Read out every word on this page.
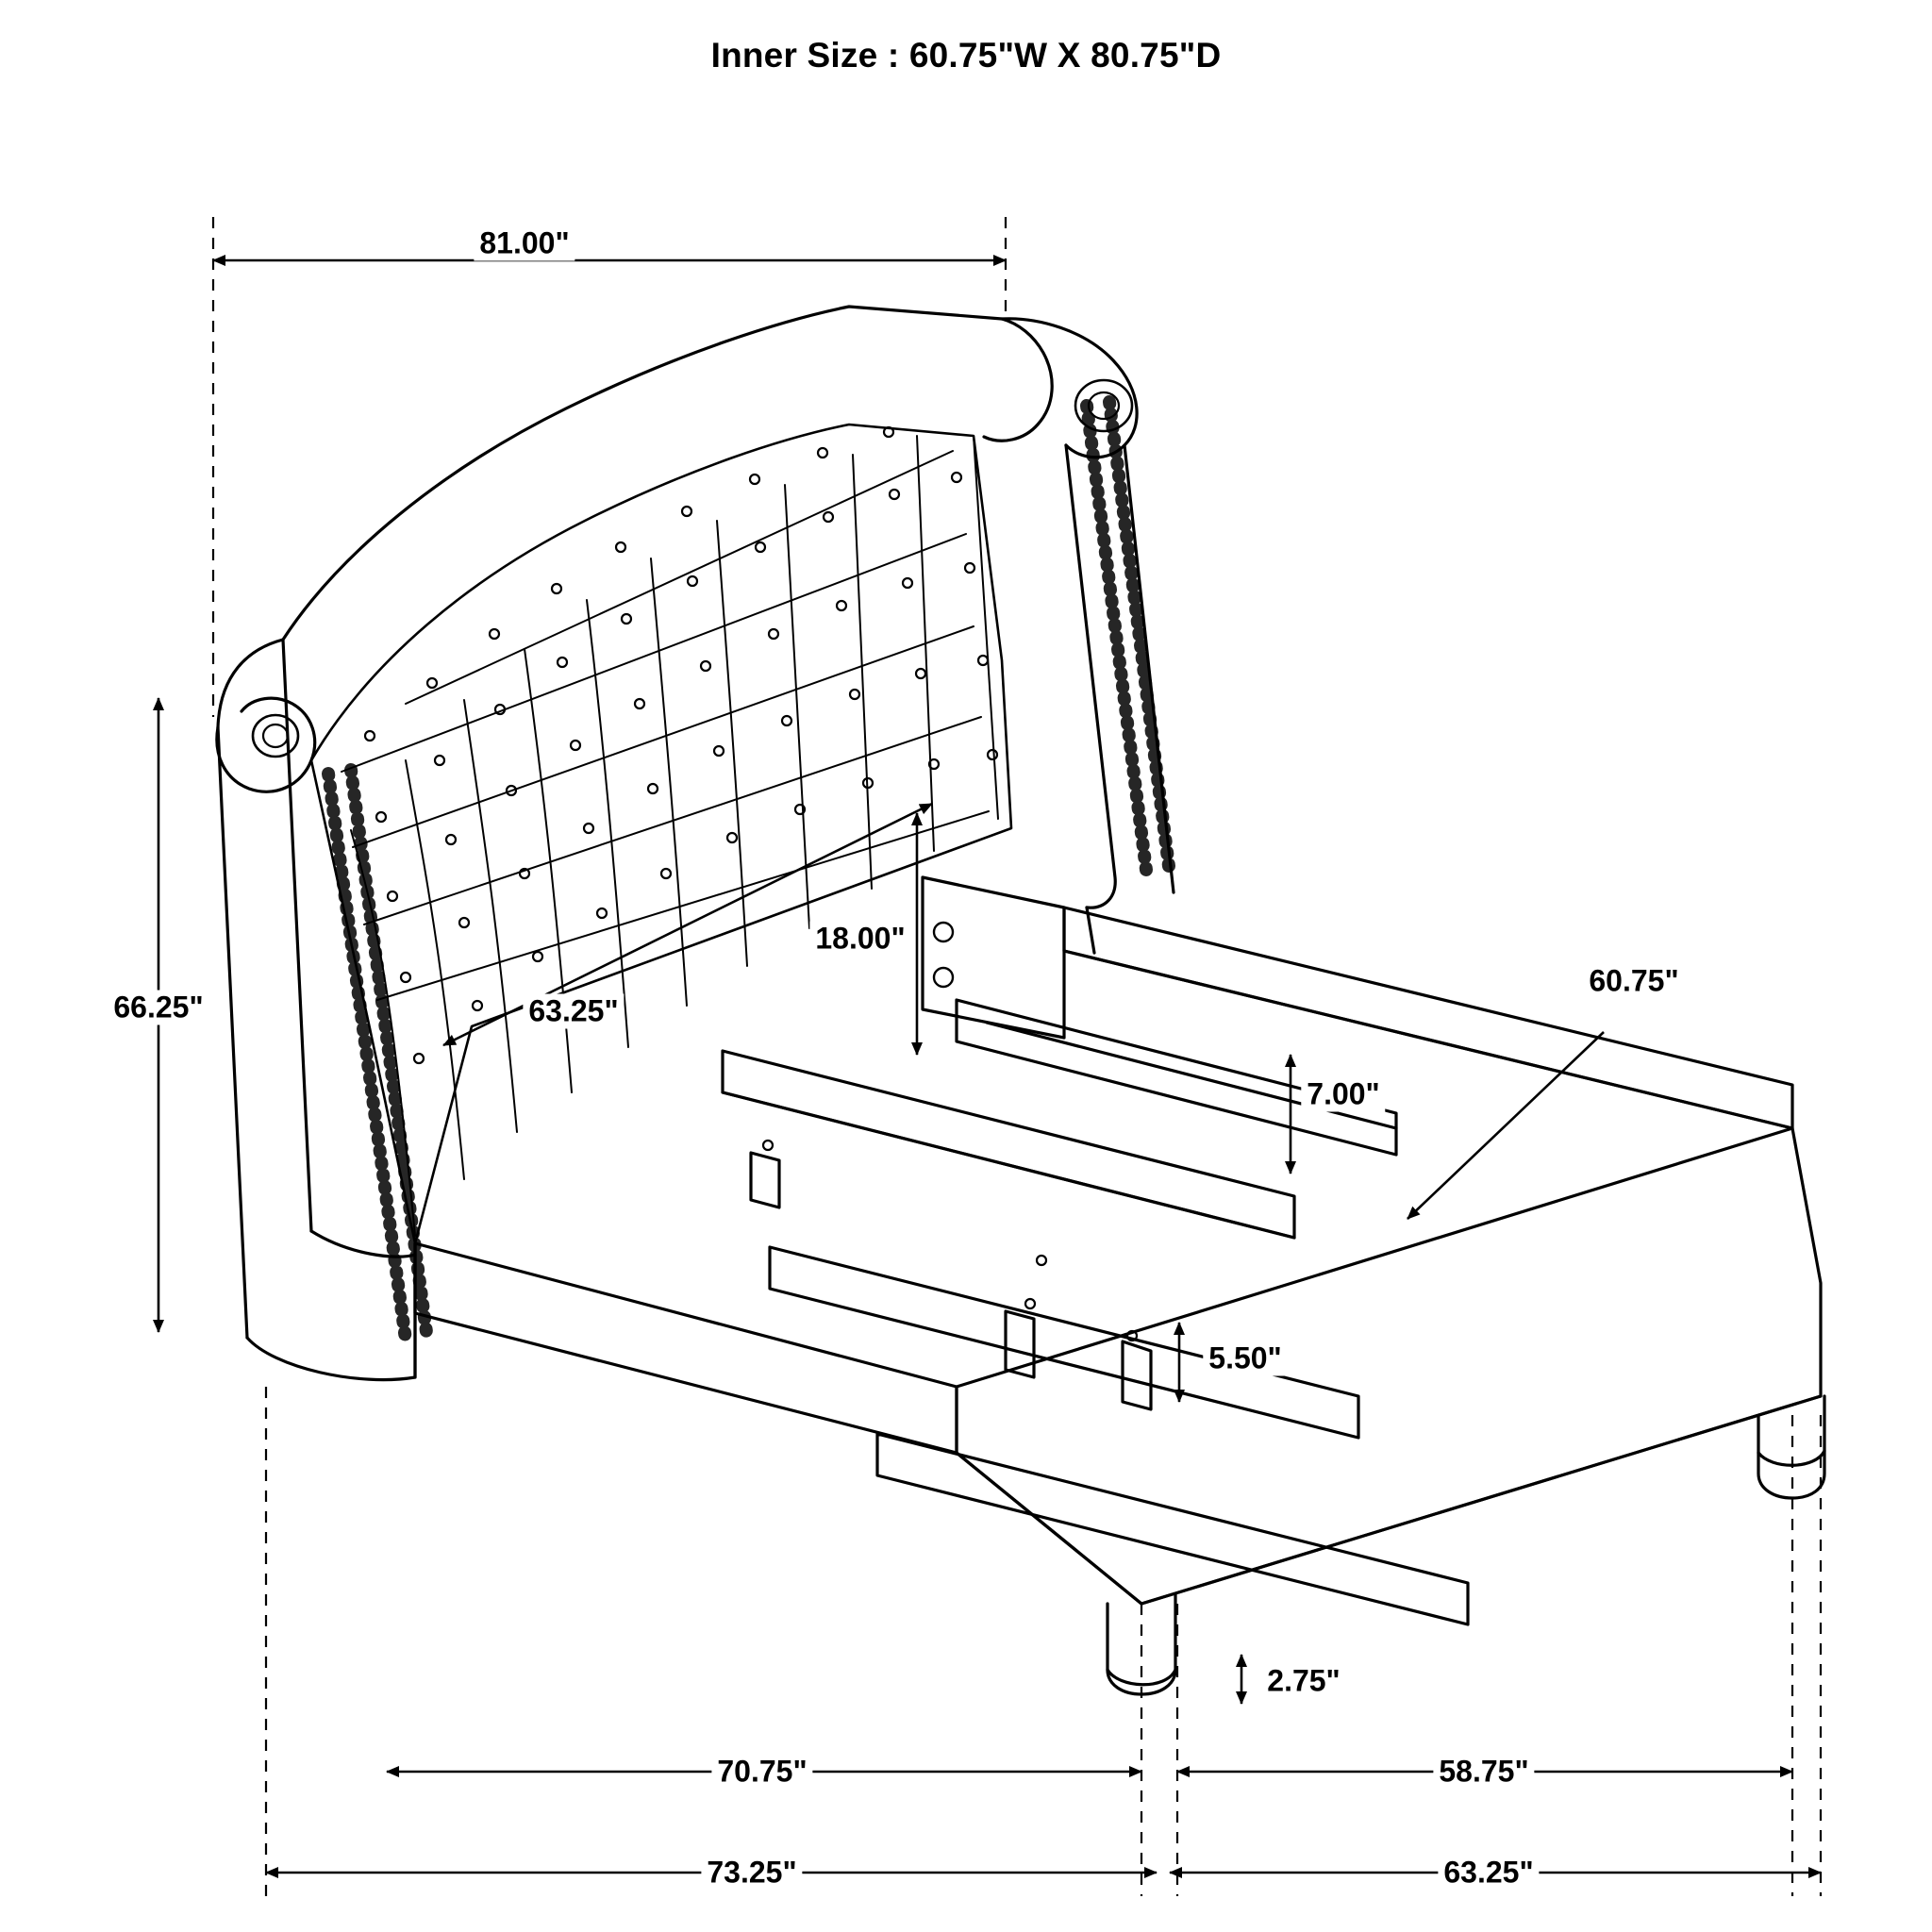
Inner Size : 60.75"W X 80.75"D
81.00"
66.25"	63.25"
18.00"
7.00"
60.75"
5.50"
2.75"
70.75"	58.75"
73.25"	63.25"
